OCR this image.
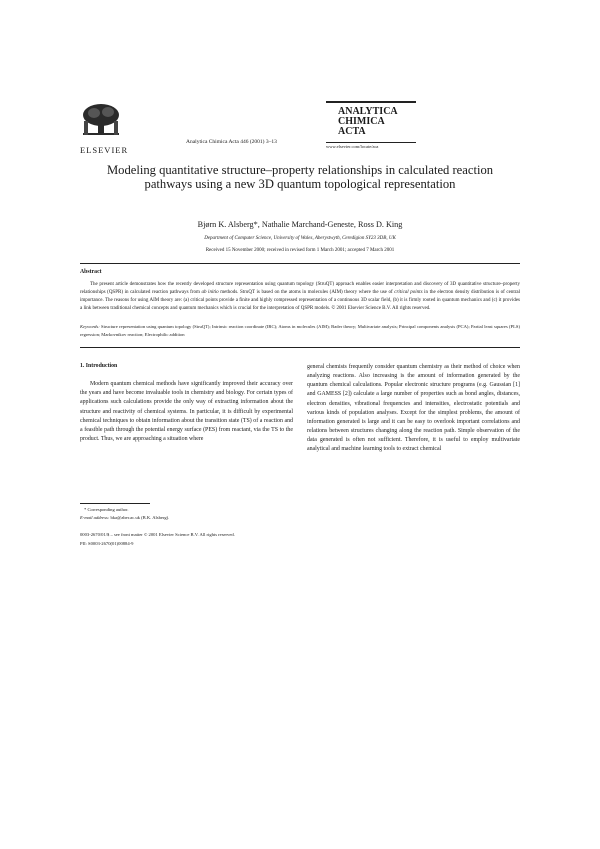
ELSEVIER
Analytica Chimica Acta 446 (2001) 3–13
ANALYTICA
CHIMICA
ACTA
www.elsevier.com/locate/aca
Modeling quantitative structure–property relationships in calculated reaction pathways using a new 3D quantum topological representation
Bjørn K. Alsberg*, Nathalie Marchand-Geneste, Ross D. King
Department of Computer Science, University of Wales, Aberystwyth, Ceredigion SY23 3DB, UK
Received 15 November 2000; received in revised form 1 March 2001; accepted 7 March 2001
Abstract

The present article demonstrates how the recently developed structure representation using quantum topology (StruQT) approach enables easier interpretation and discovery of 3D quantitative structure–property relationships (QSPR) in calculated reaction pathways from ab initio methods. StruQT is based on the atoms in molecules (AIM) theory where the use of critical points in the electron density distribution is of central importance. The reasons for using AIM theory are: (a) critical points provide a finite and highly compressed representation of a continuous 3D scalar field, (b) it is firmly rooted in quantum mechanics and (c) it provides a link between traditional chemical concepts and quantum mechanics which is crucial for the interpretation of QSPR models. © 2001 Elsevier Science B.V. All rights reserved.

Keywords: Structure representation using quantum topology (StruQT); Intrinsic reaction coordinate (IRC); Atoms in molecules (AIM); Bader theory; Multivariate analysis; Principal components analysis (PCA); Partial least squares (PLS) regression; Markovnikov reaction; Electrophilic addition

1. Introduction

Modern quantum chemical methods have significantly improved their accuracy over the years and have become invaluable tools in chemistry and biology. For certain types of applications such calculations provide the only way of extracting information about the structure and reactivity of chemical systems. In particular, it is difficult by experimental chemical techniques to obtain information about the transition state (TS) of a reaction and a feasible path through the potential energy surface (PES) from reactant, via the TS to the product. Thus, we are approaching a situation where

general chemists frequently consider quantum chemistry as their method of choice when analyzing reactions. Also increasing is the amount of information generated by the quantum chemical calculations. Popular electronic structure programs (e.g. Gaussian [1] and GAMESS [2]) calculate a large number of properties such as bond angles, distances, electron densities, vibrational frequencies and intensities, electrostatic potentials and various kinds of population analyses. Except for the simplest problems, the amount of information generated is large and it can be easy to overlook important correlations and relations between structures changing along the reaction path. Simple observation of the data generated is often not sufficient. Therefore, it is useful to employ multivariate analytical and machine learning tools to extract chemical

* Corresponding author.
E-mail address: bka@aber.ac.uk (B.K. Alsberg).
0003-2670/01/$ – see front matter © 2001 Elsevier Science B.V. All rights reserved.
PII: S0003-2670(01)00884-9
